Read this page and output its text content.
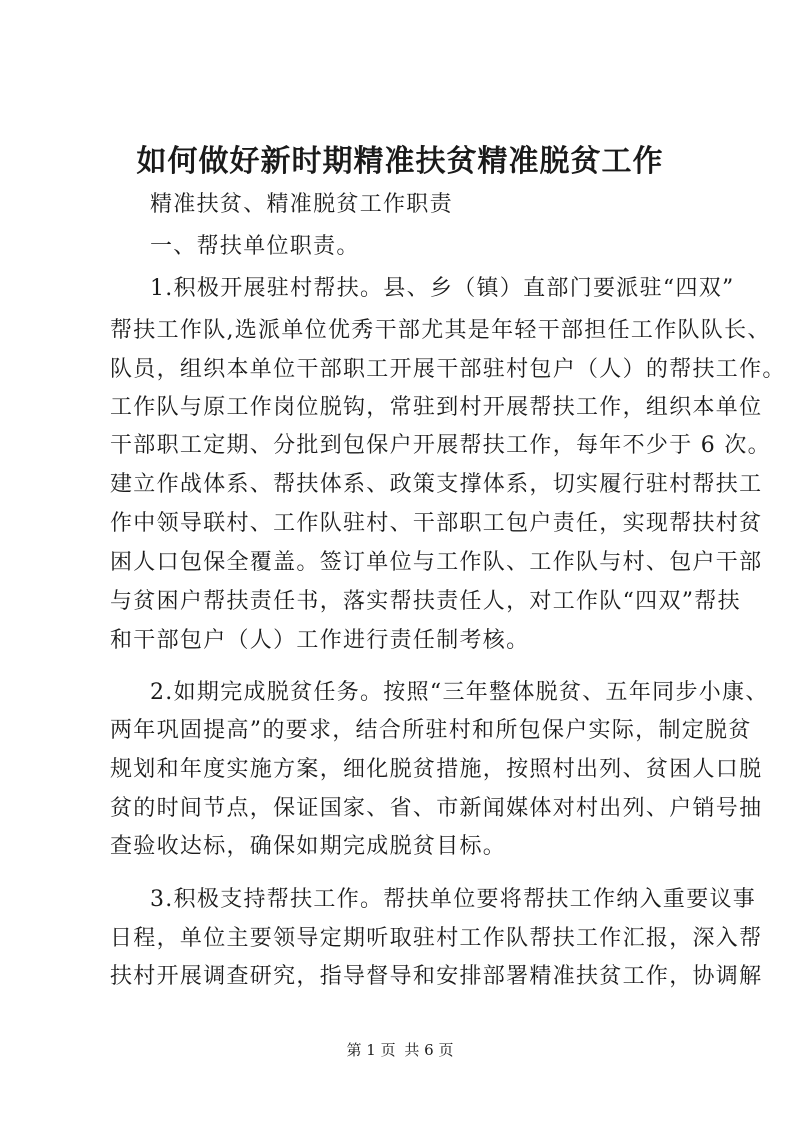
如何做好新时期精准扶贫精准脱贫工作
精准扶贫、精准脱贫工作职责
一、帮扶单位职责。
1.积极开展驻村帮扶。县、乡（镇）直部门要派驻“四双”
帮扶工作队,选派单位优秀干部尤其是年轻干部担任工作队队长、
队员，组织本单位干部职工开展干部驻村包户（人）的帮扶工作。
工作队与原工作岗位脱钩，常驻到村开展帮扶工作，组织本单位
干部职工定期、分批到包保户开展帮扶工作，每年不少于 6 次。
建立作战体系、帮扶体系、政策支撑体系，切实履行驻村帮扶工
作中领导联村、工作队驻村、干部职工包户责任，实现帮扶村贫
困人口包保全覆盖。签订单位与工作队、工作队与村、包户干部
与贫困户帮扶责任书，落实帮扶责任人，对工作队“四双”帮扶
和干部包户（人）工作进行责任制考核。
2.如期完成脱贫任务。按照“三年整体脱贫、五年同步小康、
两年巩固提高”的要求，结合所驻村和所包保户实际，制定脱贫
规划和年度实施方案，细化脱贫措施，按照村出列、贫困人口脱
贫的时间节点，保证国家、省、市新闻媒体对村出列、户销号抽
查验收达标，确保如期完成脱贫目标。
3.积极支持帮扶工作。帮扶单位要将帮扶工作纳入重要议事
日程，单位主要领导定期听取驻村工作队帮扶工作汇报，深入帮
扶村开展调查研究，指导督导和安排部署精准扶贫工作，协调解
第 1 页 共 6 页
